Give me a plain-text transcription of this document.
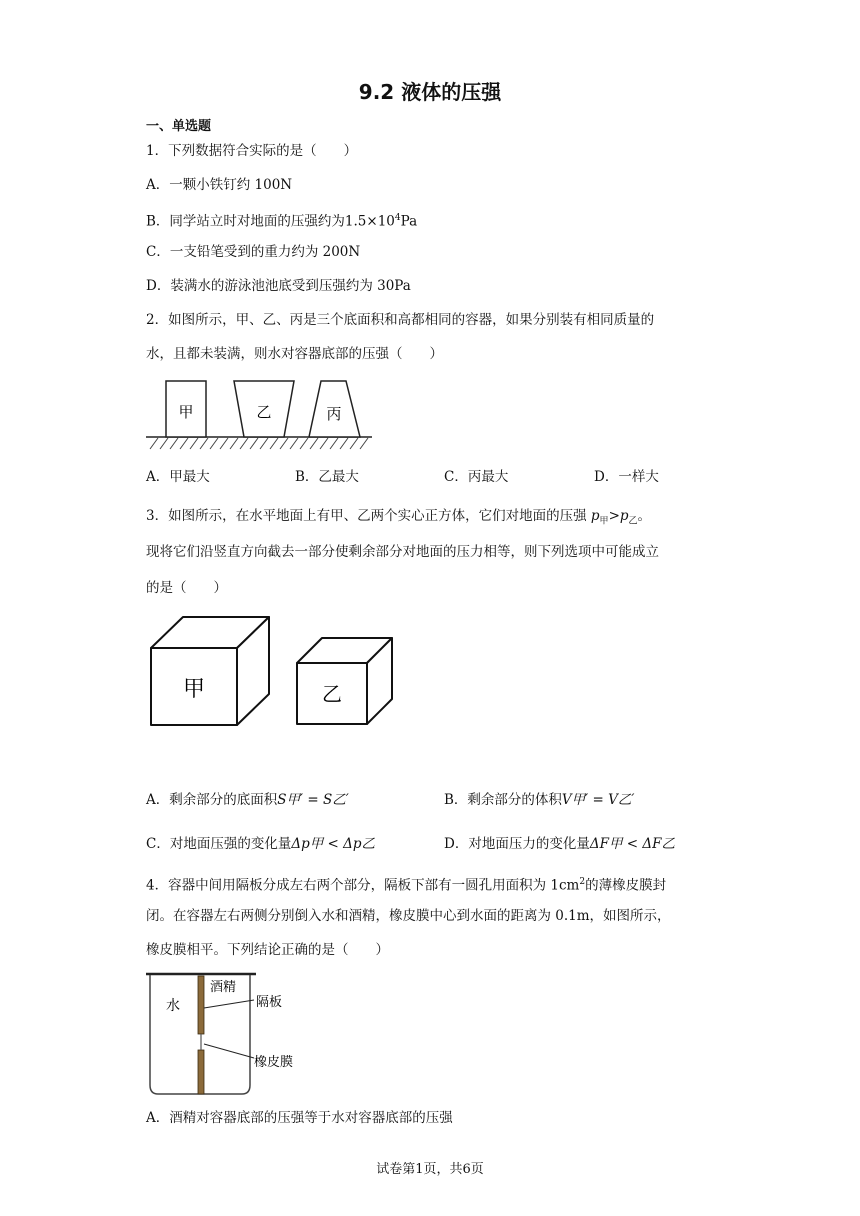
9.2 液体的压强
一、单选题
1．下列数据符合实际的是（　　）
A．一颗小铁钉约 100N
B．同学站立时对地面的压强约为$1.5\times 10^4Pa$
C．一支铅笔受到的重力约为 200N
D．装满水的游泳池池底受到压强约为 30Pa
2．如图所示，甲、乙、丙是三个底面积和高都相同的容器，如果分别装有相同质量的
水，且都未装满，则水对容器底部的压强（　　）
甲	乙	丙
A．甲最大	B．乙最大	C．丙最大	D．一样大
3．如图所示，在水平地面上有甲、乙两个实心正方体，它们对地面的压强 $p_甲>p_乙$。
现将它们沿竖直方向截去一部分使剩余部分对地面的压力相等，则下列选项中可能成立
的是（　　）
甲	乙
A．剩余部分的底面积S甲′ = S乙′	B．剩余部分的体积V甲′ = V乙′
C．对地面压强的变化量Δp甲 < Δp乙	D．对地面压力的变化量ΔF甲 < ΔF乙
4．容器中间用隔板分成左右两个部分，隔板下部有一圆孔用面积为 $1cm^2$的薄橡皮膜封
闭。在容器左右两侧分别倒入水和酒精，橡皮膜中心到水面的距离为 0.1m，如图所示，
橡皮膜相平。下列结论正确的是（　　）
水
酒精
隔板
橡皮膜
A．酒精对容器底部的压强等于水对容器底部的压强
试卷第1页，共6页
